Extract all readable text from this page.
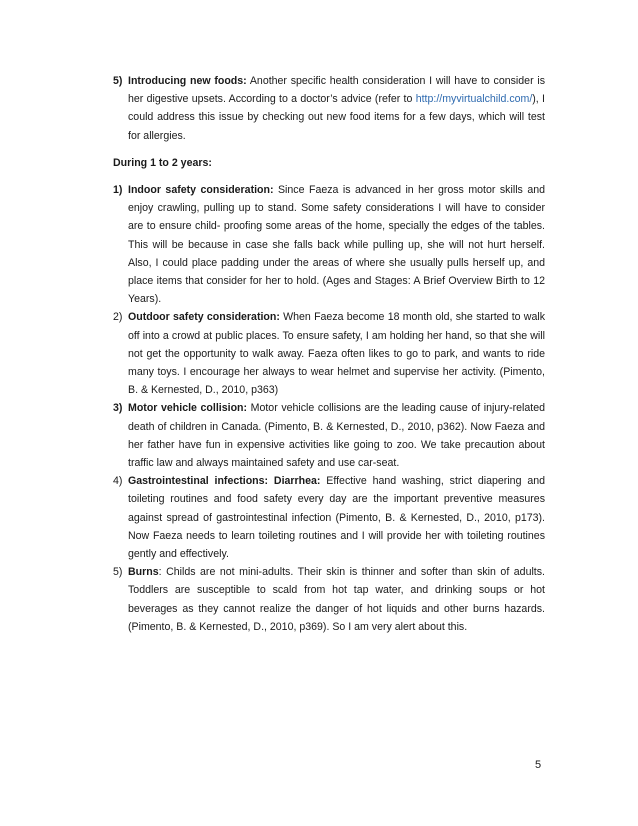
5) Introducing new foods: Another specific health consideration I will have to consider is her digestive upsets. According to a doctor’s advice (refer to http://myvirtualchild.com/), I could address this issue by checking out new food items for a few days, which will test for allergies.
During 1 to 2 years:
1) Indoor safety consideration: Since Faeza is advanced in her gross motor skills and enjoy crawling, pulling up to stand. Some safety considerations I will have to consider are to ensure child- proofing some areas of the home, specially the edges of the tables. This will be because in case she falls back while pulling up, she will not hurt herself. Also, I could place padding under the areas of where she usually pulls herself up, and place items that consider for her to hold. (Ages and Stages: A Brief Overview Birth to 12 Years).
2) Outdoor safety consideration: When Faeza become 18 month old, she started to walk off into a crowd at public places. To ensure safety, I am holding her hand, so that she will not get the opportunity to walk away. Faeza often likes to go to park, and wants to ride many toys. I encourage her always to wear helmet and supervise her activity. (Pimento, B. & Kernested, D., 2010, p363)
3) Motor vehicle collision: Motor vehicle collisions are the leading cause of injury-related death of children in Canada. (Pimento, B. & Kernested, D., 2010, p362). Now Faeza and her father have fun in expensive activities like going to zoo. We take precaution about traffic law and always maintained safety and use car-seat.
4) Gastrointestinal infections: Diarrhea: Effective hand washing, strict diapering and toileting routines and food safety every day are the important preventive measures against spread of gastrointestinal infection (Pimento, B. & Kernested, D., 2010, p173). Now Faeza needs to learn toileting routines and I will provide her with toileting routines gently and effectively.
5) Burns: Childs are not mini-adults. Their skin is thinner and softer than skin of adults. Toddlers are susceptible to scald from hot tap water, and drinking soups or hot beverages as they cannot realize the danger of hot liquids and other burns hazards. (Pimento, B. & Kernested, D., 2010, p369). So I am very alert about this.
5
